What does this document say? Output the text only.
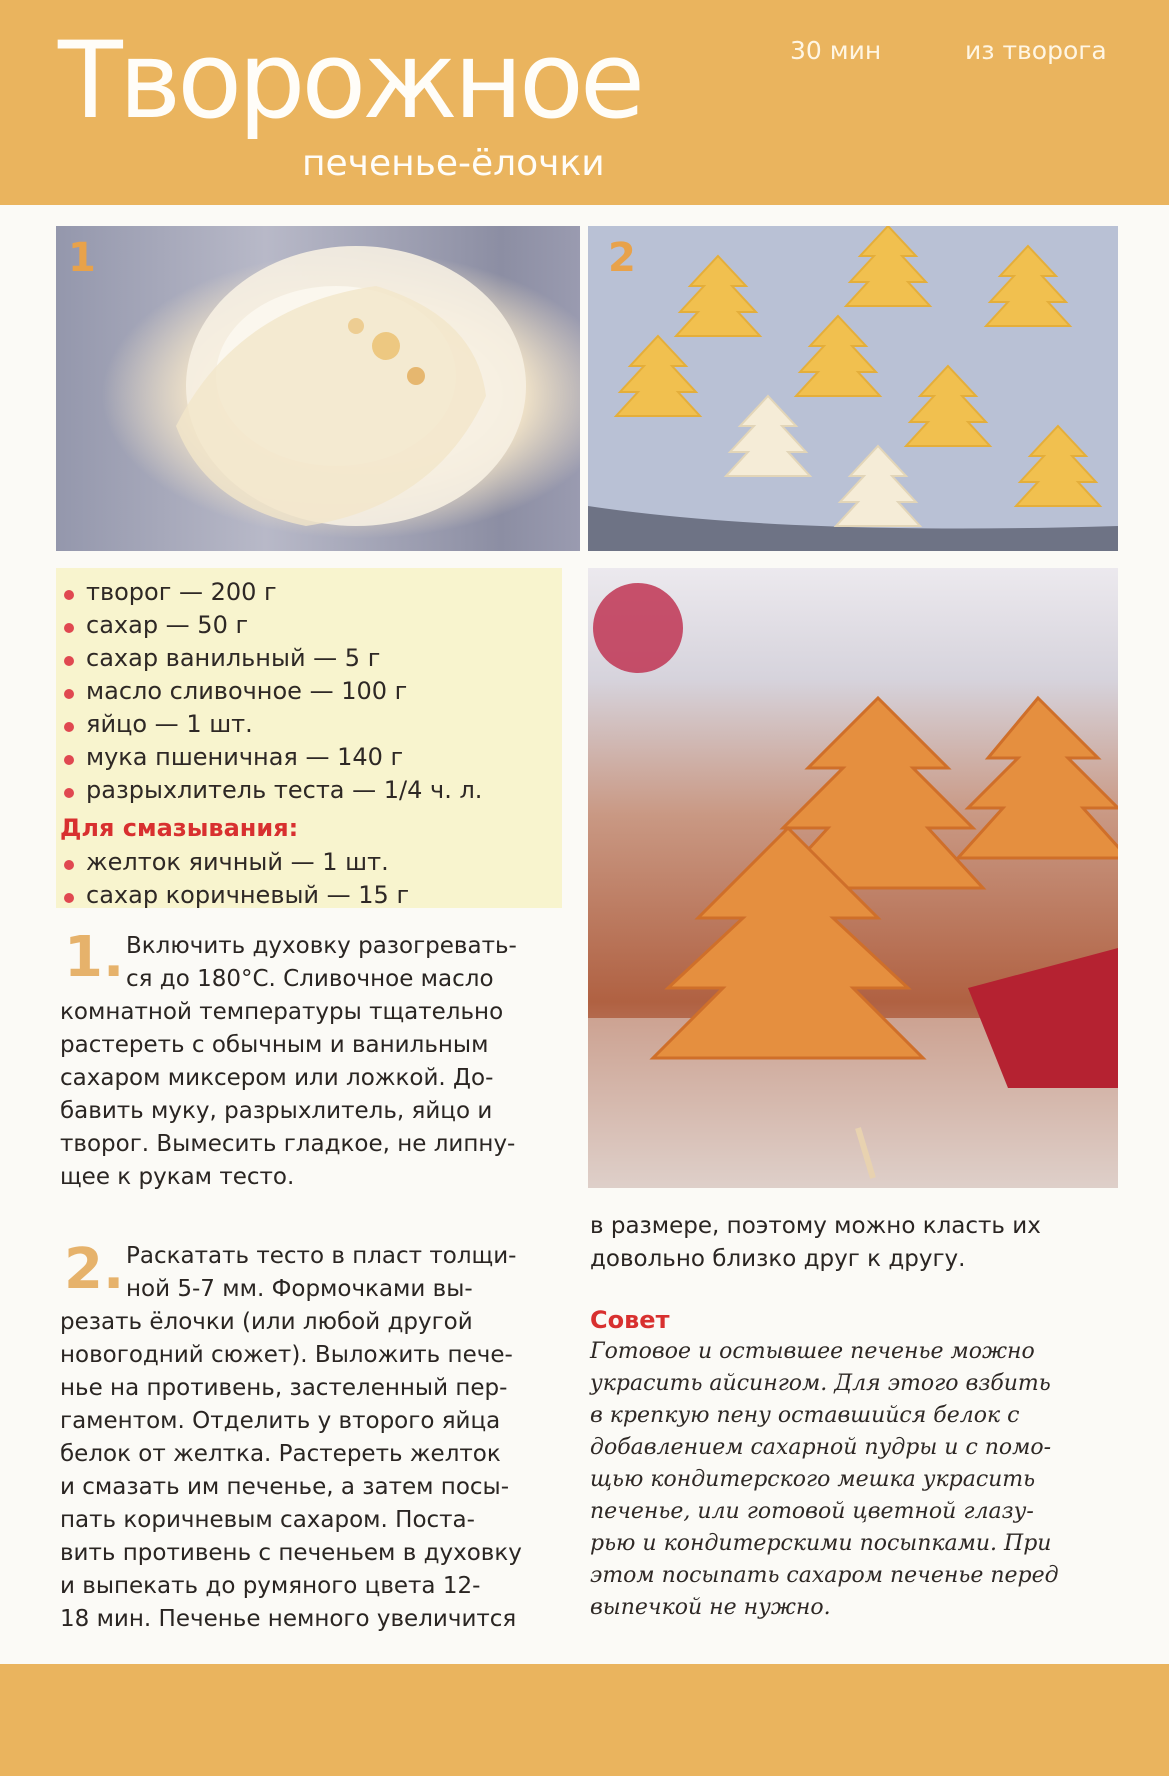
Творожное
печенье-ёлочки
30 мин	из творога
1	2
творог — 200 г
сахар — 50 г
сахар ванильный — 5 г
масло сливочное — 100 г
яйцо — 1 шт.
мука пшеничная — 140 г
разрыхлитель теста — 1/4 ч. л.
Для смазывания:
желток яичный — 1 шт.
сахар коричневый — 15 г
1. Включить духовку разогревать-
ся до 180°C. Сливочное масло
комнатной температуры тщательно
растереть с обычным и ванильным
сахаром миксером или ложкой. До-
бавить муку, разрыхлитель, яйцо и
творог. Вымесить гладкое, не липну-
щее к рукам тесто.
2. Раскатать тесто в пласт толщи-
ной 5-7 мм. Формочками вы-
резать ёлочки (или любой другой
новогодний сюжет). Выложить пече-
нье на противень, застеленный пер-
гаментом. Отделить у второго яйца
белок от желтка. Растереть желток
и смазать им печенье, а затем посы-
пать коричневым сахаром. Поста-
вить противень с печеньем в духовку
и выпекать до румяного цвета 12-
18 мин. Печенье немного увеличится
в размере, поэтому можно класть их
довольно близко друг к другу.
Совет
Готовое и остывшее печенье можно
украсить айсингом. Для этого взбить
в крепкую пену оставшийся белок с
добавлением сахарной пудры и с помо-
щью кондитерского мешка украсить
печенье, или готовой цветной глазу-
рью и кондитерскими посыпками. При
этом посыпать сахаром печенье перед
выпечкой не нужно.
